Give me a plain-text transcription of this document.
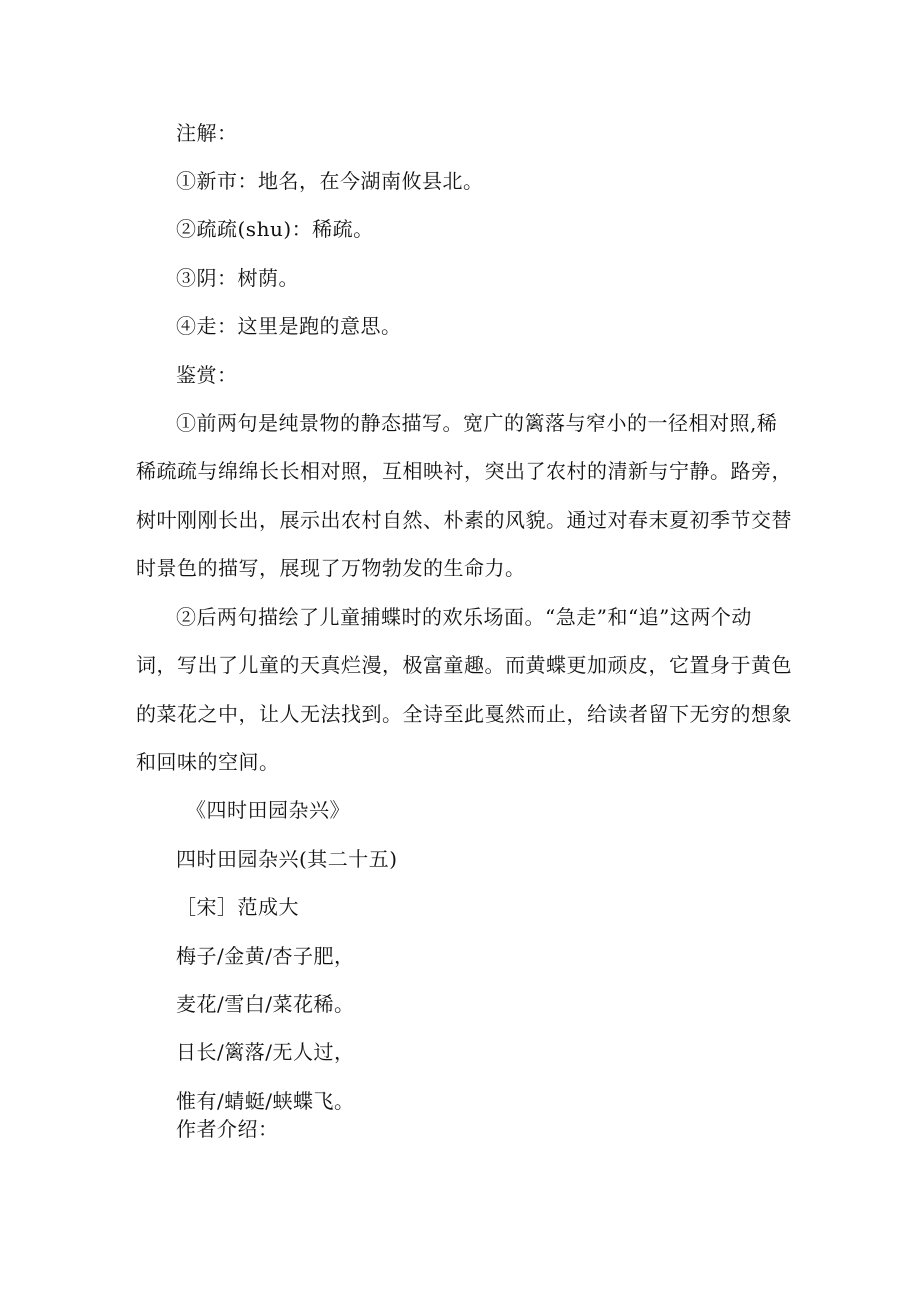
注解：
①新市：地名，在今湖南攸县北。
②疏疏(shu)：稀疏。
③阴：树荫。
④走：这里是跑的意思。
鉴赏：
①前两句是纯景物的静态描写。宽广的篱落与窄小的一径相对照,稀
稀疏疏与绵绵长长相对照，互相映衬，突出了农村的清新与宁静。路旁，
树叶刚刚长出，展示出农村自然、朴素的风貌。通过对春末夏初季节交替
时景色的描写，展现了万物勃发的生命力。
②后两句描绘了儿童捕蝶时的欢乐场面。“急走”和“追”这两个动
词，写出了儿童的天真烂漫，极富童趣。而黄蝶更加顽皮，它置身于黄色
的菜花之中，让人无法找到。全诗至此戛然而止，给读者留下无穷的想象
和回味的空间。
《四时田园杂兴》
四时田园杂兴(其二十五)
［宋］范成大
梅子/金黄/杏子肥，
麦花/雪白/菜花稀。
日长/篱落/无人过，
惟有/蜻蜓/蛱蝶飞。
作者介绍：
